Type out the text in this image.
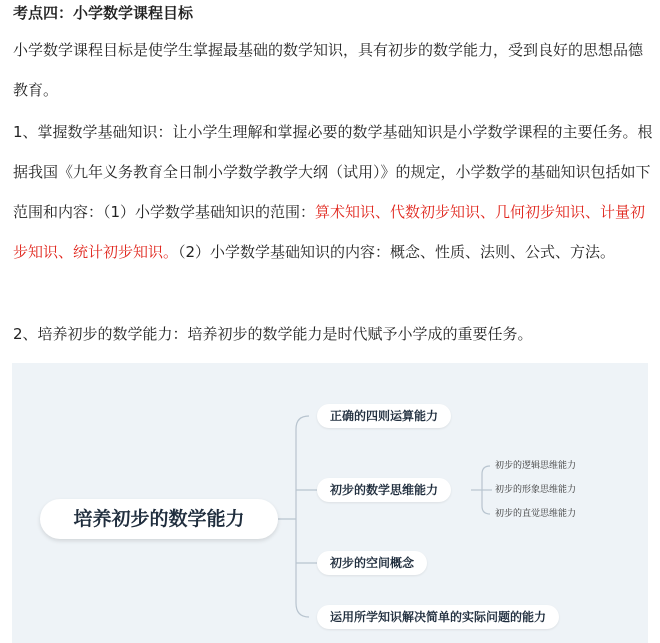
考点四：小学数学课程目标

小学数学课程目标是使学生掌握最基础的数学知识，具有初步的数学能力，受到良好的思想品德教育。

1、掌握数学基础知识：让小学生理解和掌握必要的数学基础知识是小学数学课程的主要任务。根据我国《九年义务教育全日制小学数学教学大纲（试用）》的规定，小学数学的基础知识包括如下范围和内容：（1）小学数学基础知识的范围：算术知识、代数初步知识、几何初步知识、计量初步知识、统计初步知识。（2）小学数学基础知识的内容：概念、性质、法则、公式、方法。

2、培养初步的数学能力：培养初步的数学能力是时代赋予小学成的重要任务。

培养初步的数学能力
正确的四则运算能力
初步的数学思维能力
初步的空间概念
运用所学知识解决简单的实际问题的能力
初步的逻辑思维能力
初步的形象思维能力
初步的直觉思维能力
